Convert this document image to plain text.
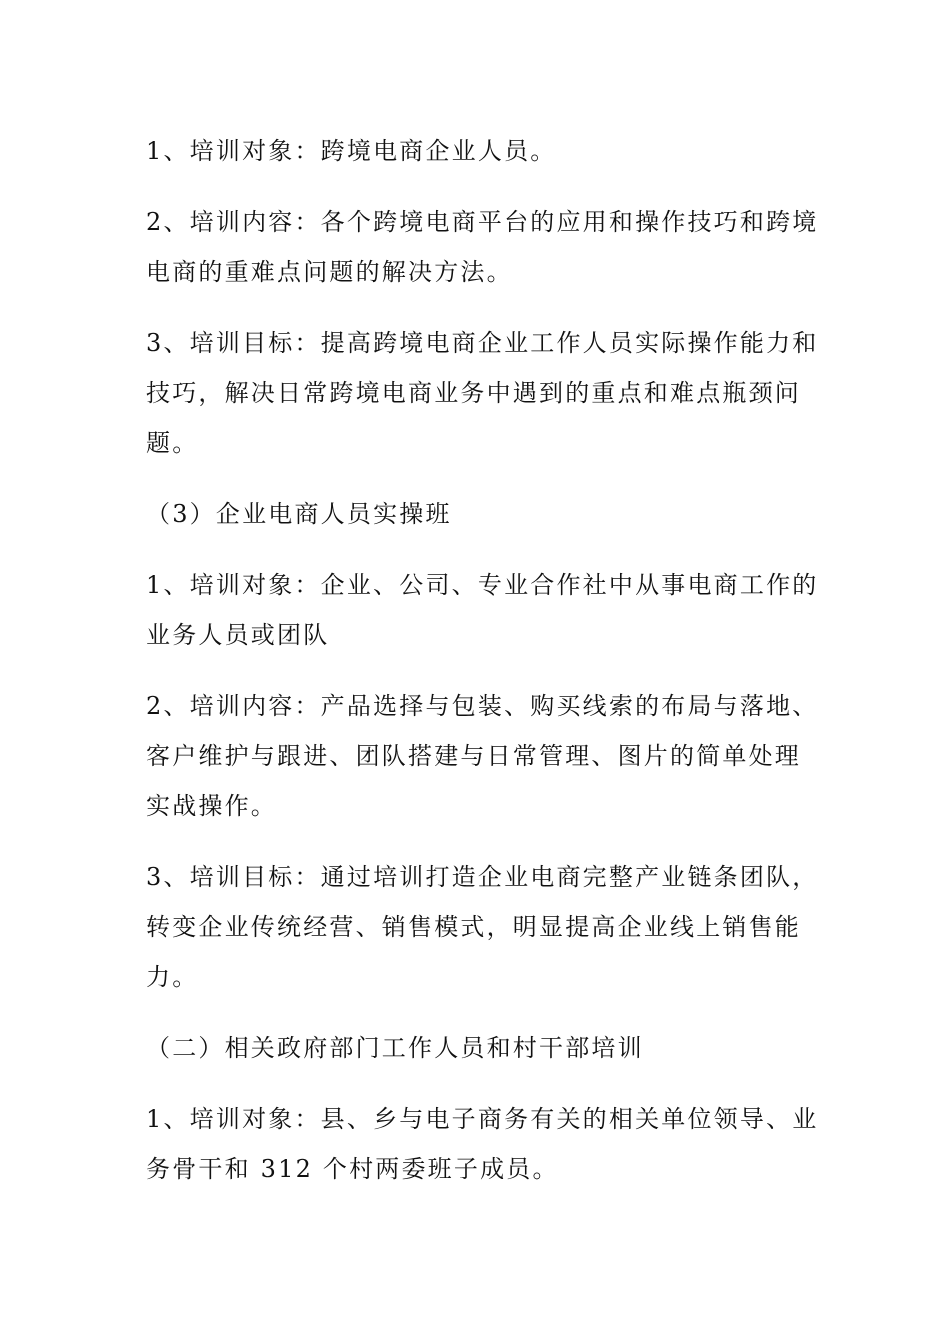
1、培训对象：跨境电商企业人员。
2、培训内容：各个跨境电商平台的应用和操作技巧和跨境
电商的重难点问题的解决方法。
3、培训目标：提高跨境电商企业工作人员实际操作能力和
技巧，解决日常跨境电商业务中遇到的重点和难点瓶颈问
题。
（3）企业电商人员实操班
1、培训对象：企业、公司、专业合作社中从事电商工作的
业务人员或团队
2、培训内容：产品选择与包装、购买线索的布局与落地、
客户维护与跟进、团队搭建与日常管理、图片的简单处理
实战操作。
3、培训目标：通过培训打造企业电商完整产业链条团队，
转变企业传统经营、销售模式，明显提高企业线上销售能
力。
（二）相关政府部门工作人员和村干部培训
1、培训对象：县、乡与电子商务有关的相关单位领导、业
务骨干和 312 个村两委班子成员。
